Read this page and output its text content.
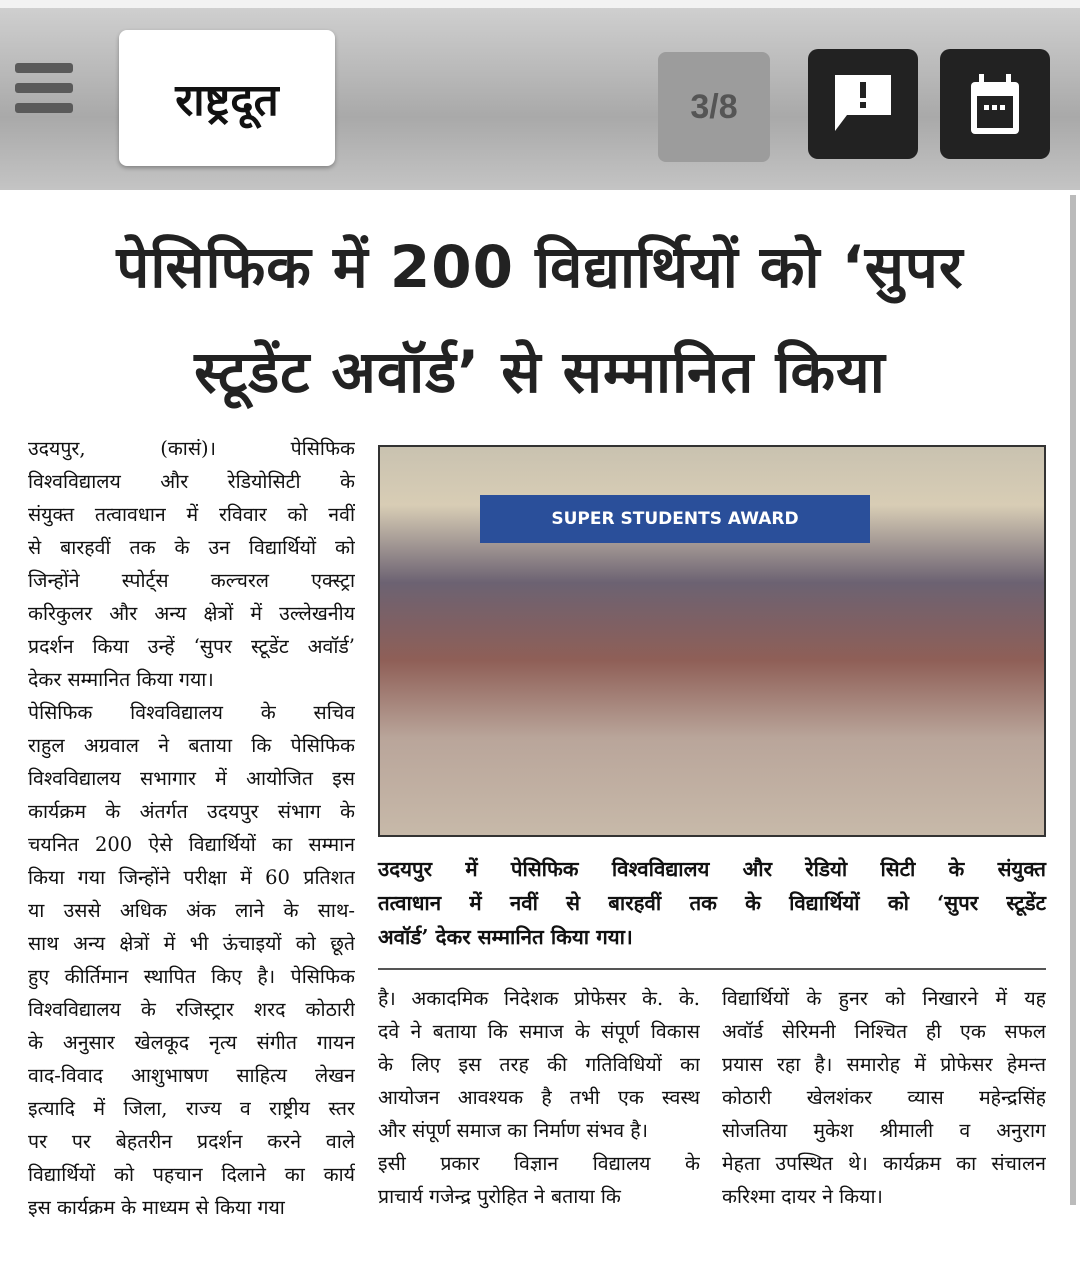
पेसिफिक में 200 विद्यार्थियों को ‘सुपर
स्टूडेंट अवॉर्ड’ से सम्मानित किया
उदयपुर, (कासं)। पेसिफिक
विश्वविद्यालय और रेडियोसिटी के
संयुक्त तत्वावधान में रविवार को नवीं
से बारहवीं तक के उन विद्यार्थियों को
जिन्होंने स्पोर्ट्स कल्चरल एक्स्ट्रा
करिकुलर और अन्य क्षेत्रों में उल्लेखनीय
प्रदर्शन किया उन्हें ‘सुपर स्टूडेंट अवॉर्ड’
देकर सम्मानित किया गया।
पेसिफिक विश्वविद्यालय के सचिव
राहुल अग्रवाल ने बताया कि पेसिफिक
विश्वविद्यालय सभागार में आयोजित इस
कार्यक्रम के अंतर्गत उदयपुर संभाग के
चयनित 200 ऐसे विद्यार्थियों का सम्मान
किया गया जिन्होंने परीक्षा में 60 प्रतिशत
या उससे अधिक अंक लाने के साथ-
साथ अन्य क्षेत्रों में भी ऊंचाइयों को छूते
हुए कीर्तिमान स्थापित किए है। पेसिफिक
विश्वविद्यालय के रजिस्ट्रार शरद कोठारी
के अनुसार खेलकूद नृत्य संगीत गायन
वाद-विवाद आशुभाषण साहित्य लेखन
इत्यादि में जिला, राज्य व राष्ट्रीय स्तर
पर पर बेहतरीन प्रदर्शन करने वाले
विद्यार्थियों को पहचान दिलाने का कार्य
इस कार्यक्रम के माध्यम से किया गया
SUPER STUDENTS AWARD
उदयपुर में पेसिफिक विश्वविद्यालय और रेडियो सिटी के संयुक्त
तत्वाधान में नवीं से बारहवीं तक के विद्यार्थियों को ‘सुपर स्टूडेंट
अवॉर्ड’ देकर सम्मानित किया गया।
है। अकादमिक निदेशक प्रोफेसर के. के.
दवे ने बताया कि समाज के संपूर्ण विकास
के लिए इस तरह की गतिविधियों का
आयोजन आवश्यक है तभी एक स्वस्थ
और संपूर्ण समाज का निर्माण संभव है।
इसी प्रकार विज्ञान विद्यालय के
प्राचार्य गजेन्द्र पुरोहित ने बताया कि
विद्यार्थियों के हुनर को निखारने में यह
अवॉर्ड सेरिमनी निश्चित ही एक सफल
प्रयास रहा है। समारोह में प्रोफेसर हेमन्त
कोठारी खेलशंकर व्यास महेन्द्रसिंह
सोजतिया मुकेश श्रीमाली व अनुराग
मेहता उपस्थित थे। कार्यक्रम का संचालन
करिश्मा दायर ने किया।
राष्ट्रदूत	3/8
